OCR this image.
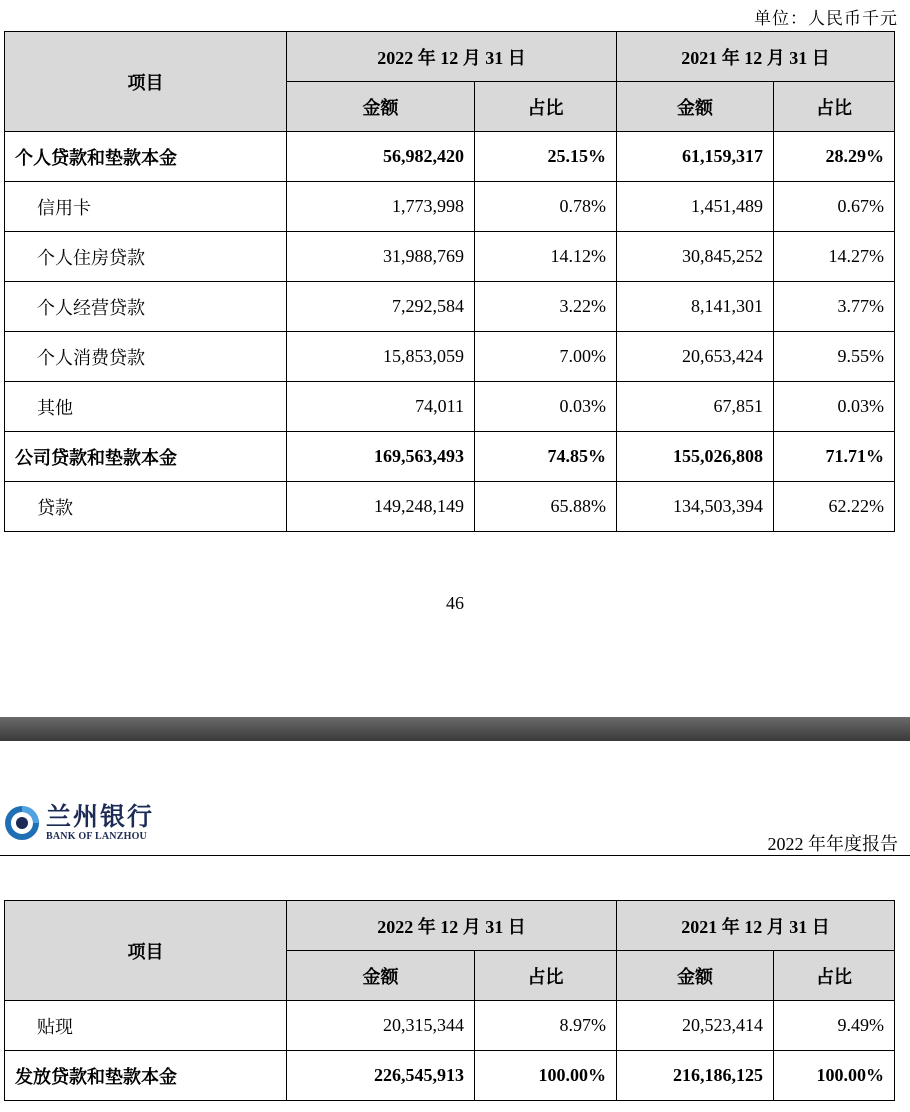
单位：人民币千元
项目	2022 年 12 月 31 日		2021 年 12 月 31 日	
	金额	占比	金额	占比
个人贷款和垫款本金	56,982,420	25.15%	61,159,317	28.29%
信用卡	1,773,998	0.78%	1,451,489	0.67%
个人住房贷款	31,988,769	14.12%	30,845,252	14.27%
个人经营贷款	7,292,584	3.22%	8,141,301	3.77%
个人消费贷款	15,853,059	7.00%	20,653,424	9.55%
其他	74,011	0.03%	67,851	0.03%
公司贷款和垫款本金	169,563,493	74.85%	155,026,808	71.71%
贷款	149,248,149	65.88%	134,503,394	62.22%
46
兰州银行
BANK OF LANZHOU	2022 年年度报告
项目	2022 年 12 月 31 日		2021 年 12 月 31 日	
	金额	占比	金额	占比
贴现	20,315,344	8.97%	20,523,414	9.49%
发放贷款和垫款本金	226,545,913	100.00%	216,186,125	100.00%
